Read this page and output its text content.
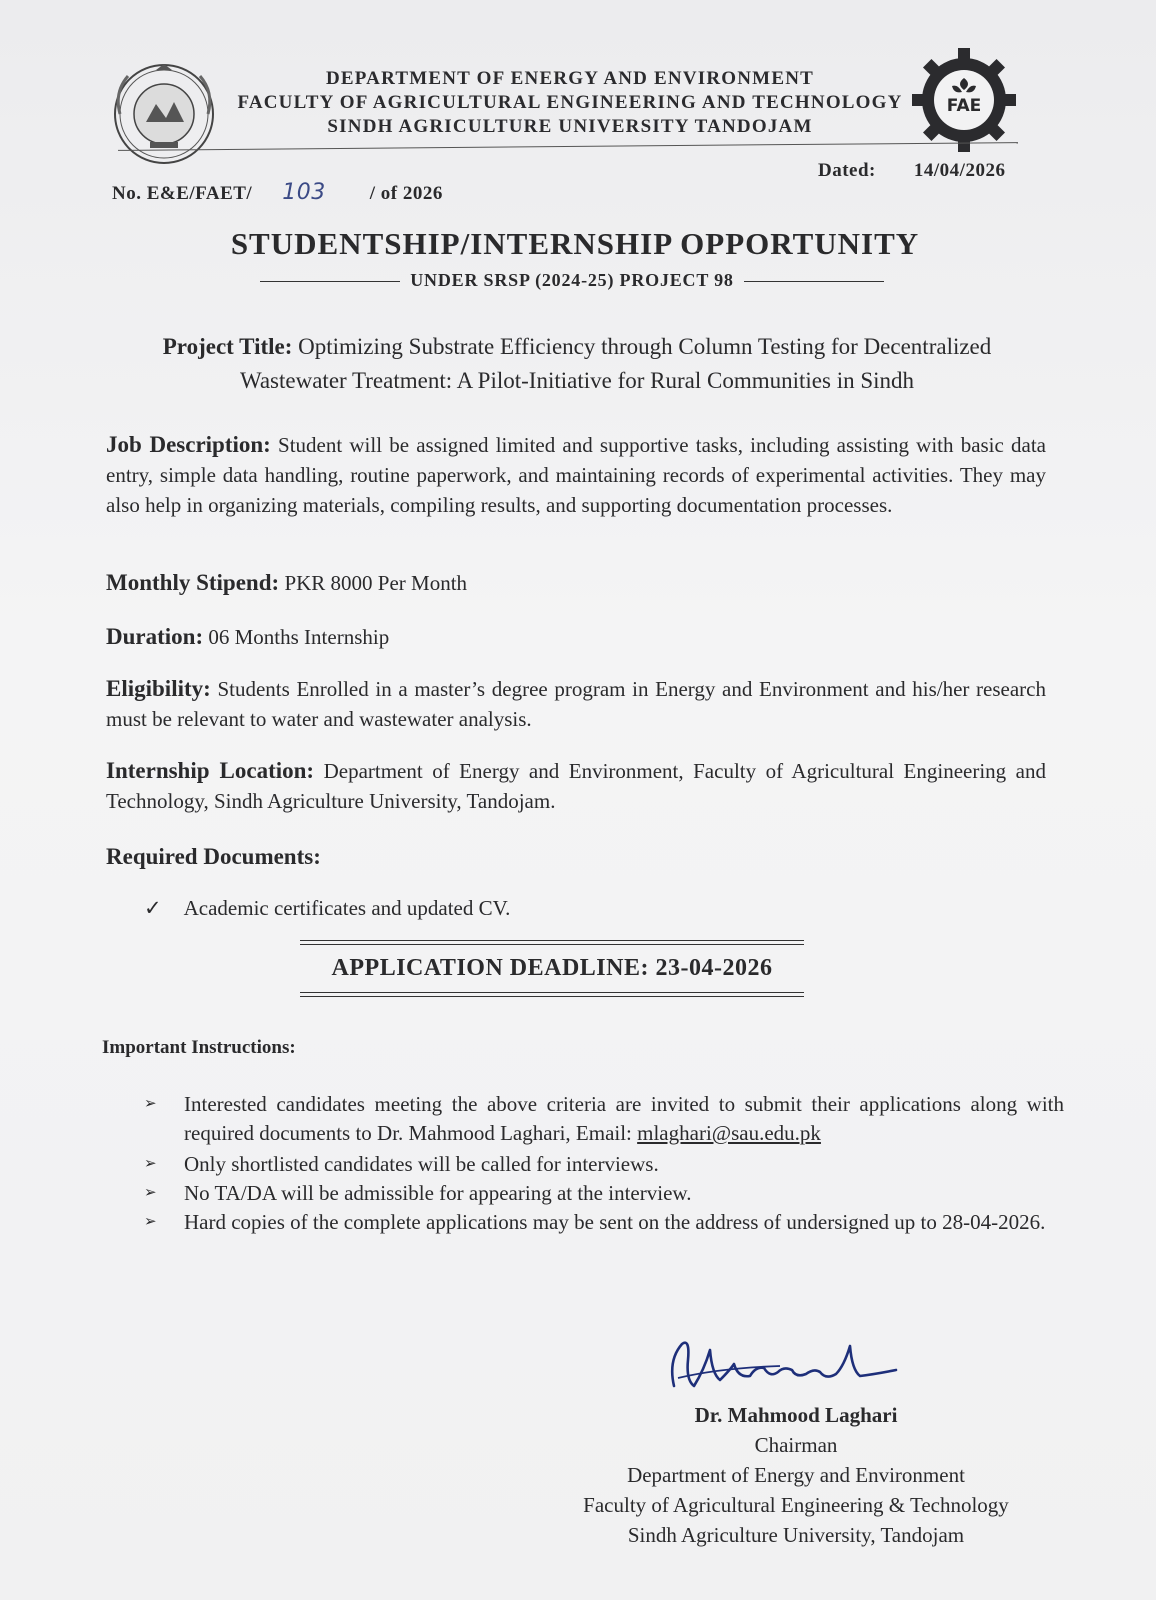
FAE
DEPARTMENT OF ENERGY AND ENVIRONMENT
FACULTY OF AGRICULTURAL ENGINEERING AND TECHNOLOGY
SINDH AGRICULTURE UNIVERSITY TANDOJAM
No. E&E/FAET/ 103 / of 2026
Dated: 14/04/2026
STUDENTSHIP/INTERNSHIP OPPORTUNITY
UNDER SRSP (2024-25) PROJECT 98
Project Title: Optimizing Substrate Efficiency through Column Testing for Decentralized Wastewater Treatment: A Pilot-Initiative for Rural Communities in Sindh
Job Description: Student will be assigned limited and supportive tasks, including assisting with basic data entry, simple data handling, routine paperwork, and maintaining records of experimental activities. They may also help in organizing materials, compiling results, and supporting documentation processes.
Monthly Stipend: PKR 8000 Per Month
Duration: 06 Months Internship
Eligibility: Students Enrolled in a master’s degree program in Energy and Environment and his/her research must be relevant to water and wastewater analysis.
Internship Location: Department of Energy and Environment, Faculty of Agricultural Engineering and Technology, Sindh Agriculture University, Tandojam.
Required Documents:
✓ Academic certificates and updated CV.
APPLICATION DEADLINE: 23-04-2026
Important Instructions:
➢ Interested candidates meeting the above criteria are invited to submit their applications along with required documents to Dr. Mahmood Laghari, Email: mlaghari@sau.edu.pk
➢ Only shortlisted candidates will be called for interviews.
➢ No TA/DA will be admissible for appearing at the interview.
➢ Hard copies of the complete applications may be sent on the address of undersigned up to 28-04-2026.
Dr. Mahmood Laghari
Chairman
Department of Energy and Environment
Faculty of Agricultural Engineering & Technology
Sindh Agriculture University, Tandojam
